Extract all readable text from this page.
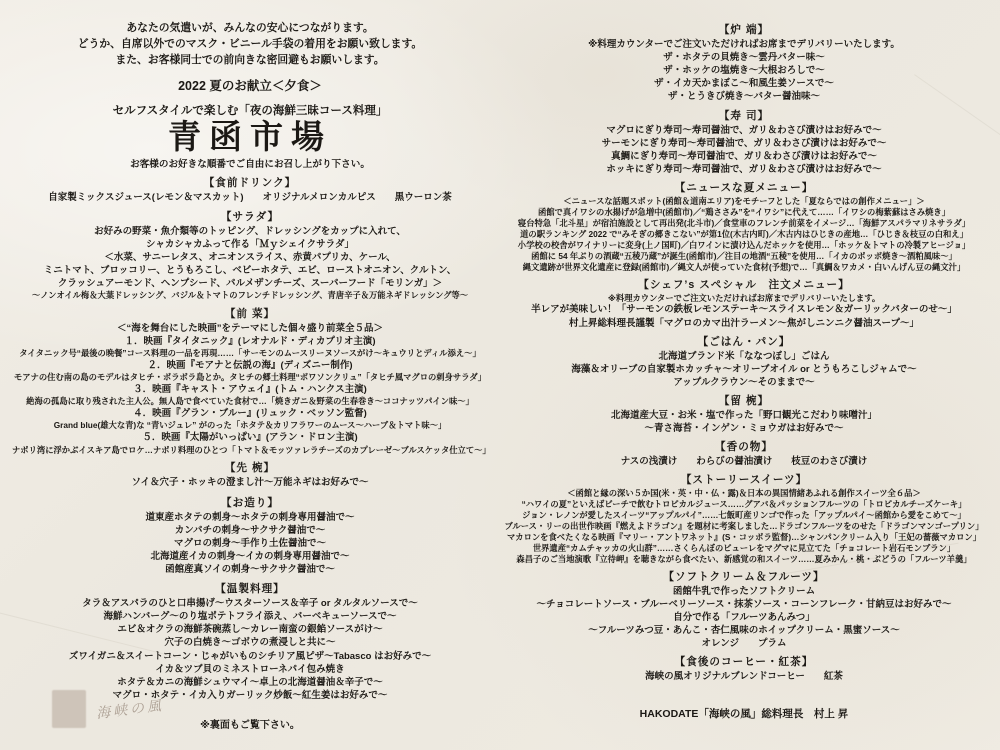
あなたの気遣いが、みんなの安心につながります。
どうか、自席以外でのマスク・ビニール手袋の着用をお願い致します。
また、お客様同士での前向きな密回避もお願いします。
2022 夏のお献立＜夕食＞
セルフスタイルで楽しむ「夜の海鮮三昧コース料理」
青函市場
お客様のお好きな順番でご自由にお召し上がり下さい。
【食前ドリンク】
自家製ミックスジュース(レモン＆マスカット)　　オリジナルメロンカルピス　　黒ウーロン茶
【サラダ】
お好みの野菜・魚介類等のトッピング、ドレッシングをカップに入れて、
シャカシャカふって作る「Ｍｙシェイクサラダ」
＜水菜、サニーレタス、オニオンスライス、赤黄パプリカ、ケール、
ミニトマト、ブロッコリー、とうもろこし、ベビーホタテ、エビ、ローストオニオン、クルトン、
クラッシュアーモンド、ヘンプシード、パルメザンチーズ、スーパーフード「モリンガ」＞
～ノンオイル梅＆大葉ドレッシング、バジル＆トマトのフレンチドレッシング、青唐辛子＆万能ネギドレッシング等～
【前 菜】
＜“海を舞台にした映画”をテーマにした個々盛り前菜全５品＞
１．映画『タイタニック』(レオナルド・ディカプリオ主演)
タイタニック号“最後の晩餐”コース料理の一品を再現……「サーモンのムースリーヌソースがけ～キュウリとディル添え～」
２．映画『モアナと伝説の海』(ディズニー制作)
モアナの住む南の島のモデルはタヒチ・ボラボラ島とか。タヒチの郷土料理“ポワソンクリュ”「タヒチ風マグロの刺身サラダ」
３．映画『キャスト・アウェイ』(トム・ハンクス主演)
絶海の孤島に取り残された主人公。無人島で食べていた食材で…「焼きガニ＆野菜の生春巻き～ココナッツパイン味～」
４．映画『グラン・ブルー』(リュック・ベッソン監督)
Grand blue(雄大な青)な “青いジュレ” がのった「ホタテ＆カリフラワーのムース～ハーブ＆トマト味～」
５．映画『太陽がいっぱい』(アラン・ドロン主演)
ナポリ湾に浮かぶイスキア島でロケ…ナポリ料理のひとつ「トマト＆モッツァレラチーズのカプレーゼ～ブルスケッタ仕立て～」
【先 椀】
ソイ＆穴子・ホッキの澄まし汁～万能ネギはお好みで～
【お造り】
道東産ホタテの刺身～ホタテの刺身専用醤油で～
カンパチの刺身～サクサク醤油で～
マグロの刺身～手作り土佐醤油で～
北海道産イカの刺身～イカの刺身専用醤油で～
函館産真ソイの刺身～サクサク醤油で～
【温製料理】
タラ＆アスパラのひと口串揚げ～ウスターソース＆辛子 or タルタルソースで～
海鮮ハンバーグ～のり塩ポテトフライ添え、バーベキューソースで～
エビ＆オクラの海鮮茶碗蒸し～カレー南蛮の銀餡ソースがけ～
穴子の白焼き～ゴボウの煮浸しと共に～
ズワイガニ＆スイートコーン・じゃがいものシチリア風ピザ～Tabasco はお好みで～
イカ＆ツブ貝のミネストローネパイ包み焼き
ホタテ＆カニの海鮮シュウマイ～卓上の北海道醤油＆辛子で～
マグロ・ホタテ・イカ入りガーリック炒飯～紅生姜はお好みで～
※裏面もご覧下さい。
海峡の風
【炉 端】
※料理カウンターでご注文いただければお席までデリバリーいたします。
ザ・ホタテの貝焼き～雲丹バター味～
ザ・ホッケの塩焼き～大根おろしで～
ザ・イカ天かまぼこ～和風生姜ソースで～
ザ・とうきび焼き～バター醤油味～
【寿 司】
マグロにぎり寿司～寿司醤油で、ガリ＆わさび漬けはお好みで～
サーモンにぎり寿司～寿司醤油で、ガリ＆わさび漬けはお好みで～
真鯛にぎり寿司～寿司醤油で、ガリ＆わさび漬けはお好みで～
ホッキにぎり寿司～寿司醤油で、ガリ＆わさび漬けはお好みで～
【ニュースな夏メニュー】
＜ニュースな話題スポット(函館＆道南エリア)をモチーフとした「夏ならではの創作メニュー」＞
函館で真イワシの水揚げが急増中(函館市)／“鶏ささみ”を“イワシ”に代えて……「イワシの梅紫蘇はさみ焼き」
寝台特急「北斗星」が宿泊施設として再出発(北斗市)／食堂車のフレンチ前菜をイメージ…「海鮮アスパラマリネサラダ」
道の駅ランキング 2022 で“みそぎの郷きこない”が第1位(木古内町)／木古内はひじきの産地…「ひじき＆枝豆の白和え」
小学校の校舎がワイナリーに変身(上ノ国町)／白ワインに漬け込んだホッケを使用…「ホッケ＆トマトの冷製アヒージョ」
函館に 54 年ぶりの酒蔵“五稜乃蔵”が誕生(函館市)／注目の地酒“五稜”を使用…「イカのポッポ焼き～酒粕風味～」
縄文遺跡が世界文化遺産に登録(函館市)／縄文人が使っていた食材(予想)で…「真鯛＆ワカメ・白いんげん豆の縄文汁」
【シェフ’s スペシャル　注文メニュー】
※料理カウンターでご注文いただければお席までデリバリーいたします。
半レアが美味しい！「サーモンの鉄板レモンステーキ～スライスレモン＆ガーリックバターのせ～」
村上昇総料理長謹製「マグロのカマ出汁ラーメン～焦がしニンニク醤油スープ～」
【ごはん・パン】
北海道ブランド米「ななつぼし」ごはん
海藻＆オリーブの自家製ホカッチャ～オリーブオイル or とうもろこしジャムで～
アップルクラウン～そのままで～
【留 椀】
北海道産大豆・お米・塩で作った「野口観光こだわり味噌汁」
～青さ海苔・インゲン・ミョウガはお好みで～
【香の物】
ナスの浅漬け　　わらびの醤油漬け　　枝豆のわさび漬け
【ストーリースイーツ】
＜函館と縁の深い５か国(米・英・中・仏・露)＆日本の異国情緒あふれる創作スイーツ全６品＞
“ハワイの夏”といえばビーチで飲むトロピカルジュース……グアバ＆パッションフルーツの「トロピカルチーズケーキ」
ジョン・レノンが愛したスイーツ“アップルパイ”……七飯町産リンゴで作った「アップルパイ～函館から愛をこめて～」
ブルース・リーの出世作映画『燃えよドラゴン』を題材に考案しました…ドラゴンフルーツをのせた「ドラゴンマンゴープリン」
マカロンを食べたくなる映画『マリー・アントワネット』(S・コッポラ監督)…シャンパンクリーム入り「王妃の薔薇マカロン」
世界遺産“カムチャッカの火山群”……さくらんぼのピューレをマグマに見立てた「チョコレート岩石モンブラン」
森昌子のご当地演歌『立待岬』を聴きながら食べたい、新感覚の和スイーツ……夏みかん・桃・ぶどうの「フルーツ羊羹」
【ソフトクリーム＆フルーツ】
函館牛乳で作ったソフトクリーム
～チョコレートソース・ブルーベリーソース・抹茶ソース・コーンフレーク・甘納豆はお好みで～
自分で作る「フルーツあんみつ」
～フルーツみつ豆・あんこ・杏仁風味のホイップクリーム・黒蜜ソース～
オレンジ　　プラム
【食後のコーヒー・紅茶】
海峡の風オリジナルブレンドコーヒー　　紅茶
HAKODATE「海峡の風」総料理長　村上 昇
